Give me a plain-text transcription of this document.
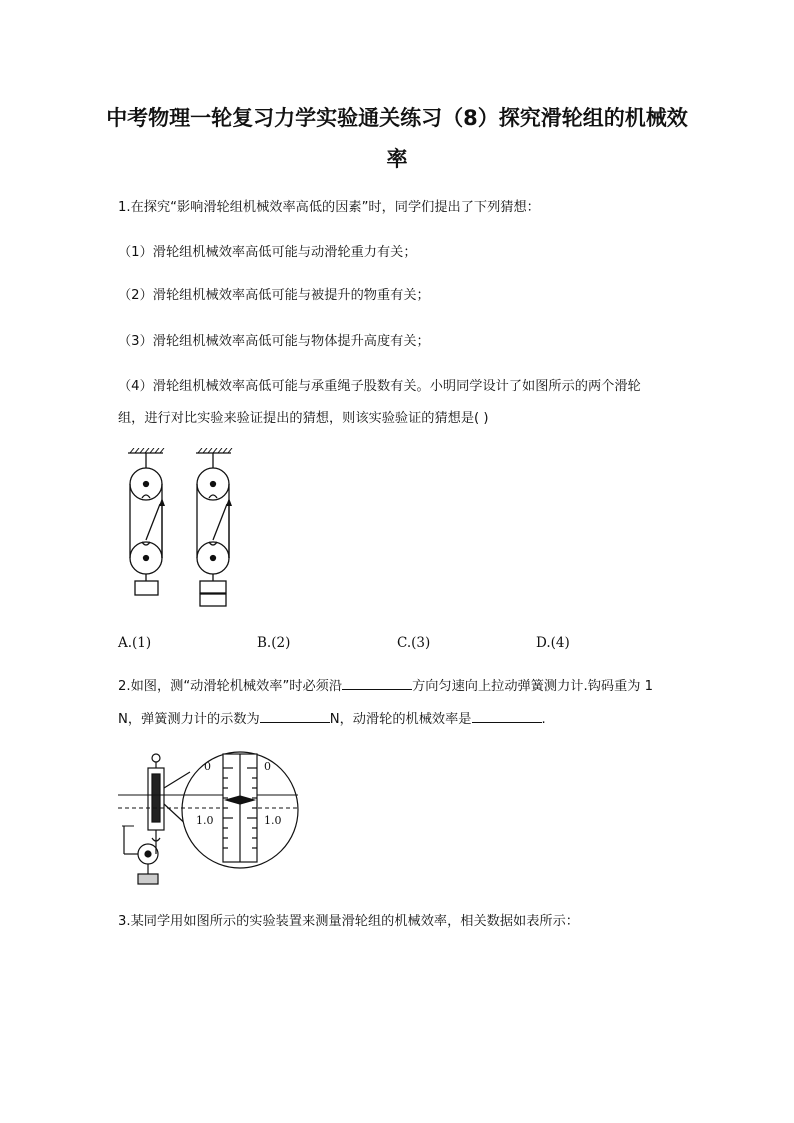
中考物理一轮复习力学实验通关练习（8）探究滑轮组的机械效
率
1.在探究“影响滑轮组机械效率高低的因素”时，同学们提出了下列猜想：
（1）滑轮组机械效率高低可能与动滑轮重力有关；
（2）滑轮组机械效率高低可能与被提升的物重有关；
（3）滑轮组机械效率高低可能与物体提升高度有关；
（4）滑轮组机械效率高低可能与承重绳子股数有关。小明同学设计了如图所示的两个滑轮
组，进行对比实验来验证提出的猜想，则该实验验证的猜想是( )
A.(1)	B.(2)	C.(3)	D.(4)
2.如图，测“动滑轮机械效率”时必须沿	方向匀速向上拉动弹簧测力计.钩码重为 1
N，弹簧测力计的示数为	N，动滑轮的机械效率是	.
0	0
1.0	1.0
3.某同学用如图所示的实验装置来测量滑轮组的机械效率，相关数据如表所示：
